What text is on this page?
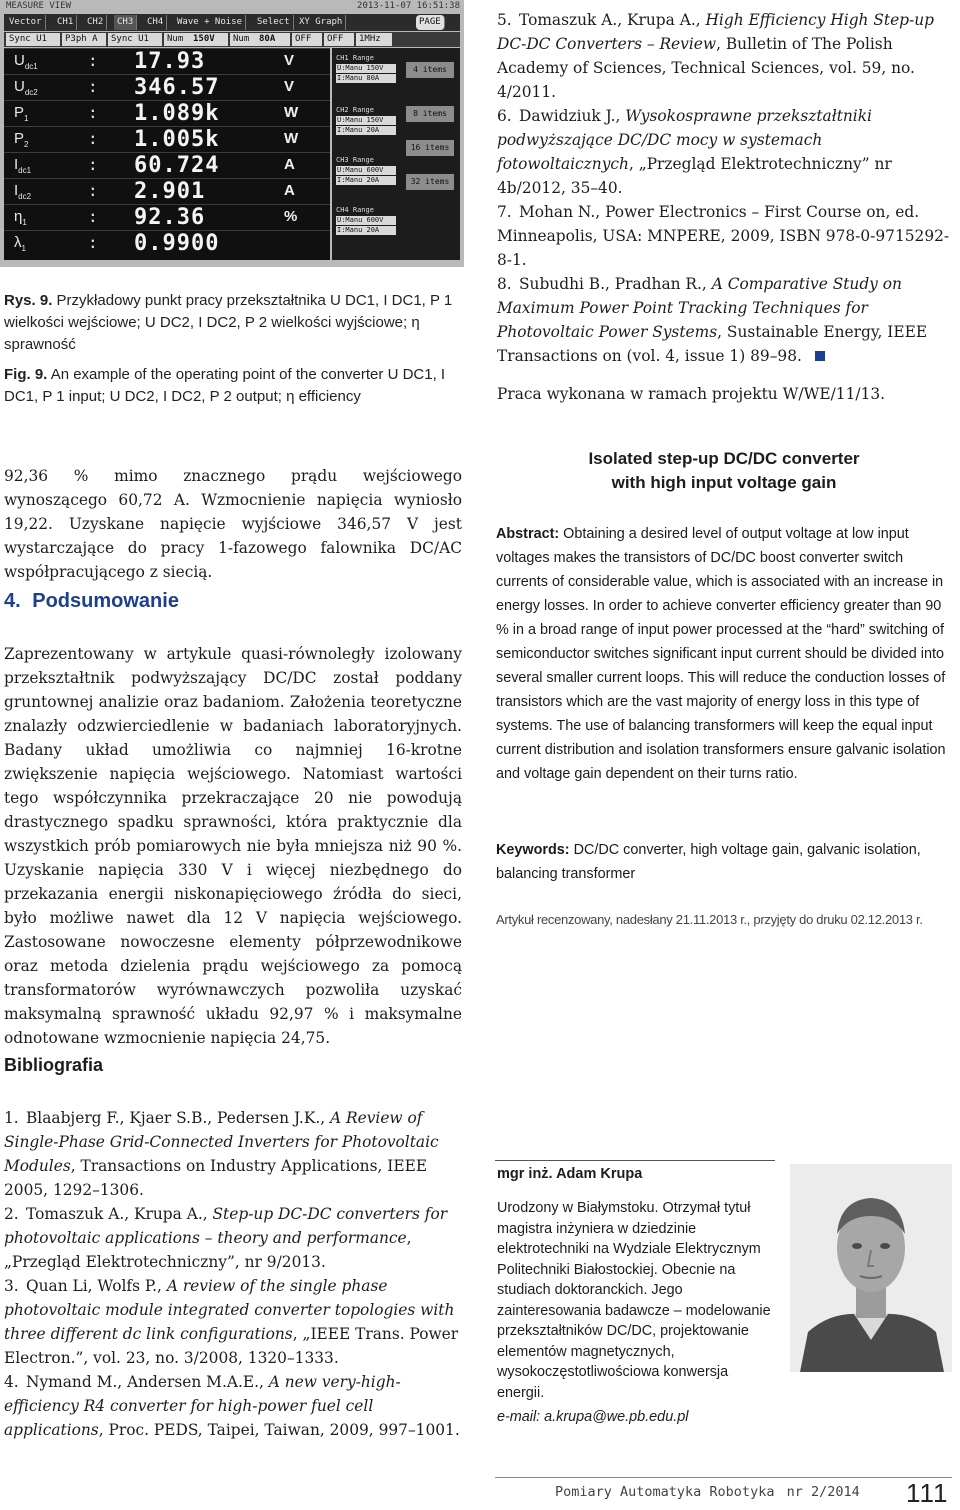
MEASURE VIEW	2013-11-07 16:51:38
Vector	CH1	CH2	CH3	CH4	Wave + Noise	Select	XY Graph	PAGE
Sync U1	P3ph A	Sync U1	Num	150V	Num	80A	OFF	OFF	1MHz
$U_{dc1}$	: 17.93	V
$U_{dc2}$	: 346.57	V
$P_1$	: 1.089k	W
$P_2$	: 1.005k	W
$I_{dc1}$	: 60.724	A
$I_{dc2}$	: 2.901	A
$\eta_1$	: 92.36	%
$\lambda_1$	: 0.9900
CH1 Range
U:Manu 150V
I:Manu 80A
CH2 Range
U:Manu 150V
I:Manu 20A
CH3 Range
U:Manu 600V
I:Manu 20A
CH4 Range
U:Manu 600V
I:Manu 20A
4 items
8 items
16 items
32 items
Rys. 9. Przykładowy punkt pracy przekształtnika U DC1, I DC1, P 1 wielkości wejściowe; U DC2, I DC2, P 2 wielkości wyjściowe; η sprawność
Fig. 9. An example of the operating point of the converter U DC1, I DC1, P 1 input; U DC2, I DC2, P 2 output; η efficiency
5. Tomaszuk A., Krupa A., High Efficiency High Step-up DC-DC Converters – Review, Bulletin of The Polish Academy of Sciences, Technical Sciences, vol. 59, no. 4/2011.
6. Dawidziuk J., Wysokosprawne przekształtniki podwyższające DC/DC mocy w systemach fotowoltaicznych, „Przegląd Elektrotechniczny” nr 4b/2012, 35–40.
7. Mohan N., Power Electronics – First Course on, ed. Minneapolis, USA: MNPERE, 2009, ISBN 978-0-9715292-8-1.
8. Subudhi B., Pradhan R., A Comparative Study on Maximum Power Point Tracking Techniques for Photovoltaic Power Systems, Sustainable Energy, IEEE Transactions on (vol. 4, issue 1) 89–98.
Praca wykonana w ramach projektu W/WE/11/13.
92,36 % mimo znacznego prądu wejściowego wynoszącego 60,72 A. Wzmocnienie napięcia wyniosło 19,22. Uzyskane napięcie wyjściowe 346,57 V jest wystarczające do pracy 1-fazowego falownika DC/AC współpracującego z siecią.
4. Podsumowanie
Zaprezentowany w artykule quasi-równoległy izolowany przekształtnik podwyższający DC/DC został poddany gruntownej analizie oraz badaniom. Założenia teoretyczne znalazły odzwierciedlenie w badaniach laboratoryjnych. Badany układ umożliwia co najmniej 16-krotne zwiększenie napięcia wejściowego. Natomiast wartości tego współczynnika przekraczające 20 nie powodują drastycznego spadku sprawności, która praktycznie dla wszystkich prób pomiarowych nie była mniejsza niż 90 %. Uzyskanie napięcia 330 V i więcej niezbędnego do przekazania energii niskonapięciowego źródła do sieci, było możliwe nawet dla 12 V napięcia wejściowego. Zastosowane nowoczesne elementy półprzewodnikowe oraz metoda dzielenia prądu wejściowego za pomocą transformatorów wyrównawczych pozwoliła uzyskać maksymalną sprawność układu 92,97 % i maksymalne odnotowane wzmocnienie napięcia 24,75.
Bibliografia
1. Blaabjerg F., Kjaer S.B., Pedersen J.K., A Review of Single-Phase Grid-Connected Inverters for Photovoltaic Modules, Transactions on Industry Applications, IEEE 2005, 1292–1306.
2. Tomaszuk A., Krupa A., Step-up DC-DC converters for photovoltaic applications – theory and performance, „Przegląd Elektrotechniczny”, nr 9/2013.
3. Quan Li, Wolfs P., A review of the single phase photovoltaic module integrated converter topologies with three different dc link configurations, „IEEE Trans. Power Electron.”, vol. 23, no. 3/2008, 1320–1333.
4. Nymand M., Andersen M.A.E., A new very-high-efficiency R4 converter for high-power fuel cell applications, Proc. PEDS, Taipei, Taiwan, 2009, 997–1001.
Isolated step-up DC/DC converter
with high input voltage gain
Abstract: Obtaining a desired level of output voltage at low input voltages makes the transistors of DC/DC boost converter switch currents of considerable value, which is associated with an increase in energy losses. In order to achieve converter efficiency greater than 90 % in a broad range of input power processed at the “hard” switching of semiconductor switches significant input current should be divided into several smaller current loops. This will reduce the conduction losses of transistors which are the vast majority of energy loss in this type of systems. The use of balancing transformers will keep the equal input current distribution and isolation transformers ensure galvanic isolation and voltage gain dependent on their turns ratio.
Keywords: DC/DC converter, high voltage gain, galvanic isolation, balancing transformer
Artykuł recenzowany, nadesłany 21.11.2013 r., przyjęty do druku 02.12.2013 r.
mgr inż. Adam Krupa
Urodzony w Białymstoku. Otrzymał tytuł magistra inżyniera w dziedzinie elektrotechniki na Wydziale Elektrycznym Politechniki Białostockiej. Obecnie na studiach doktoranckich. Jego zainteresowania badawcze – modelowanie przekształtników DC/DC, projektowanie elementów magnetycznych, wysokoczęstotliwościowa konwersja energii.
e-mail: a.krupa@we.pb.edu.pl
Pomiary Automatyka Robotyka nr 2/2014 111
